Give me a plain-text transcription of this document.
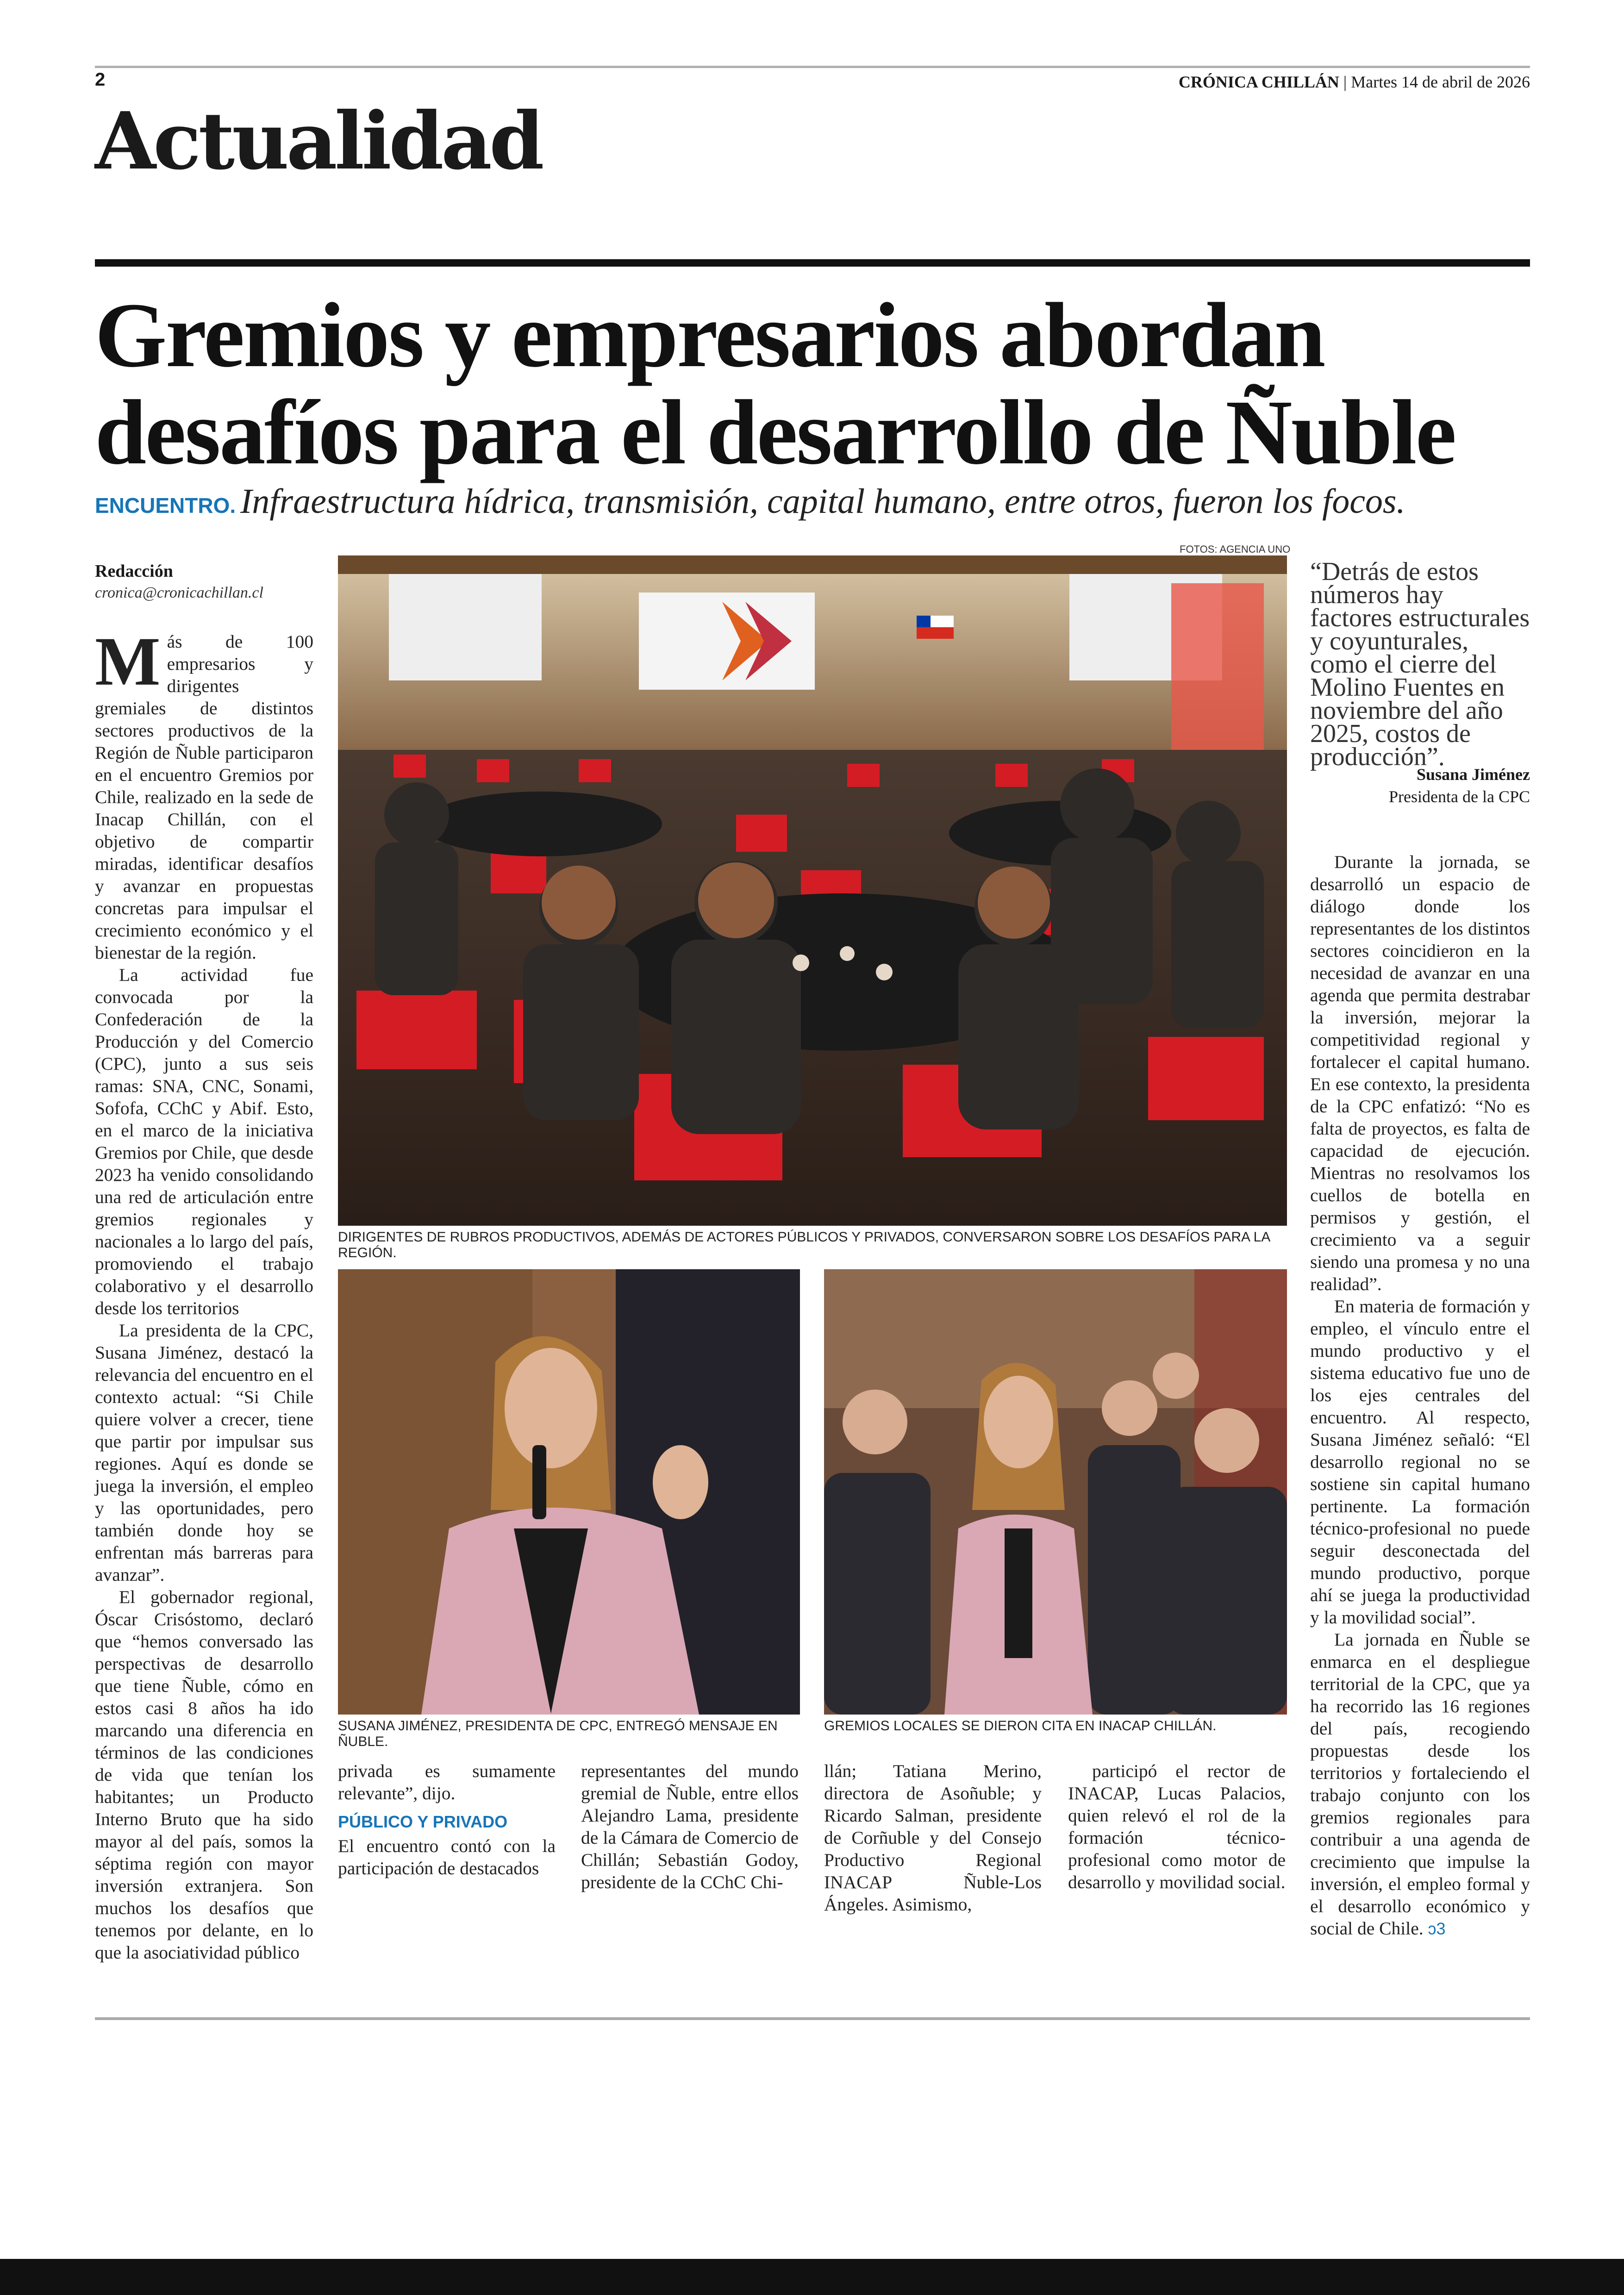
2	CRÓNICA CHILLÁN | Martes 14 de abril de 2026
Actualidad
Gremios y empresarios abordan
desafíos para el desarrollo de Ñuble
ENCUENTRO. Infraestructura hídrica, transmisión, capital humano, entre otros, fueron los focos.
Redacción
cronica@cronicachillan.cl

Más de 100 empresarios y dirigentes gremiales de distintos sectores productivos de la Región de Ñuble participaron en el encuentro Gremios por Chile, realizado en la sede de Inacap Chillán, con el objetivo de compartir miradas, identificar desafíos y avanzar en propuestas concretas para impulsar el crecimiento económico y el bienestar de la región.

La actividad fue convocada por la Confederación de la Producción y del Comercio (CPC), junto a sus seis ramas: SNA, CNC, Sonami, Sofofa, CChC y Abif. Esto, en el marco de la iniciativa Gremios por Chile, que desde 2023 ha venido consolidando una red de articulación entre gremios regionales y nacionales a lo largo del país, promoviendo el trabajo colaborativo y el desarrollo desde los territorios

La presidenta de la CPC, Susana Jiménez, destacó la relevancia del encuentro en el contexto actual: “Si Chile quiere volver a crecer, tiene que partir por impulsar sus regiones. Aquí es donde se juega la inversión, el empleo y las oportunidades, pero también donde hoy se enfrentan más barreras para avanzar”.

El gobernador regional, Óscar Crisóstomo, declaró que “hemos conversado las perspectivas de desarrollo que tiene Ñuble, cómo en estos casi 8 años ha ido marcando una diferencia en términos de las condiciones de vida que tenían los habitantes; un Producto Interno Bruto que ha sido mayor al del país, somos la séptima región con mayor inversión extranjera. Son muchos los desafíos que tenemos por delante, en lo que la asociatividad público

FOTOS: AGENCIA UNO
DIRIGENTES DE RUBROS PRODUCTIVOS, ADEMÁS DE ACTORES PÚBLICOS Y PRIVADOS, CONVERSARON SOBRE LOS DESAFÍOS PARA LA REGIÓN.
SUSANA JIMÉNEZ, PRESIDENTA DE CPC, ENTREGÓ MENSAJE EN ÑUBLE.
GREMIOS LOCALES SE DIERON CITA EN INACAP CHILLÁN.

privada es sumamente relevante”, dijo.

PÚBLICO Y PRIVADO

El encuentro contó con la participación de destacados

representantes del mundo gremial de Ñuble, entre ellos Alejandro Lama, presidente de la Cámara de Comercio de Chillán; Sebastián Godoy, presidente de la CChC Chi-

llán; Tatiana Merino, directora de Asoñuble; y Ricardo Salman, presidente de Corñuble y del Consejo Productivo Regional INACAP Ñuble-Los Ángeles. Asimismo,

participó el rector de INACAP, Lucas Palacios, quien relevó el rol de la formación técnico-profesional como motor de desarrollo y movilidad social.

“Detrás de estos números hay factores estructurales y coyunturales, como el cierre del Molino Fuentes en noviembre del año 2025, costos de producción”.
Susana Jiménez
Presidenta de la CPC

Durante la jornada, se desarrolló un espacio de diálogo donde los representantes de los distintos sectores coincidieron en la necesidad de avanzar en una agenda que permita destrabar la inversión, mejorar la competitividad regional y fortalecer el capital humano. En ese contexto, la presidenta de la CPC enfatizó: “No es falta de proyectos, es falta de capacidad de ejecución. Mientras no resolvamos los cuellos de botella en permisos y gestión, el crecimiento va a seguir siendo una promesa y no una realidad”.

En materia de formación y empleo, el vínculo entre el mundo productivo y el sistema educativo fue uno de los ejes centrales del encuentro. Al respecto, Susana Jiménez señaló: “El desarrollo regional no se sostiene sin capital humano pertinente. La formación técnico-profesional no puede seguir desconectada del mundo productivo, porque ahí se juega la productividad y la movilidad social”.

La jornada en Ñuble se enmarca en el despliegue territorial de la CPC, que ya ha recorrido las 16 regiones del país, recogiendo propuestas desde los territorios y fortaleciendo el trabajo conjunto con los gremios regionales para contribuir a una agenda de crecimiento que impulse la inversión, el empleo formal y el desarrollo económico y social de Chile. ↄ3
